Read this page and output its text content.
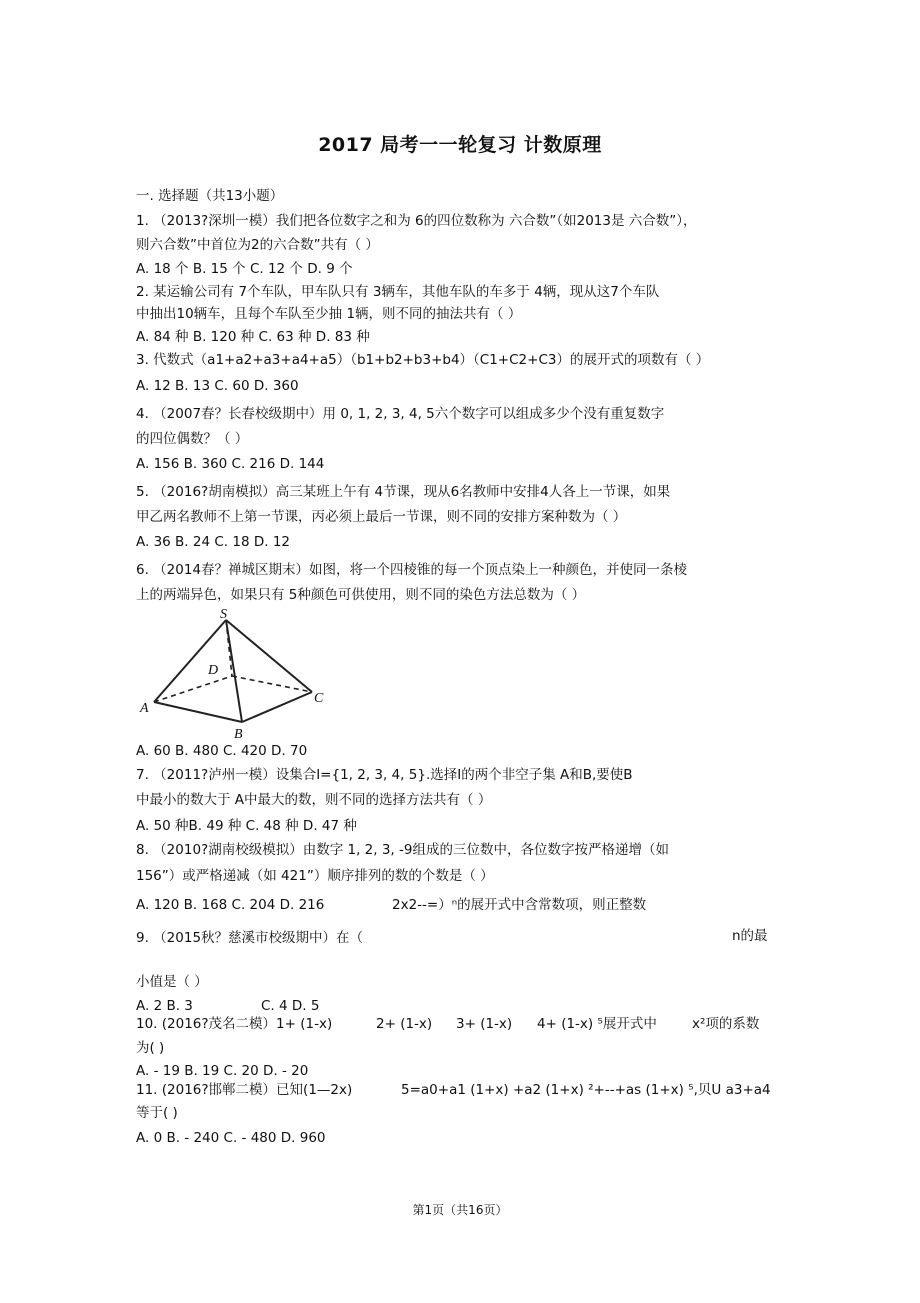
2017 局考一一轮复习 计数原理
一. 选择题（共13小题）
1. （2013?深圳一模）我们把各位数字之和为 6的四位数称为 六合数”（如2013是 六合数”），
则六合数”中首位为2的六合数”共有（ ）
A. 18 个 B. 15 个 C. 12 个 D. 9 个
2. 某运输公司有 7个车队，甲车队只有 3辆车，其他车队的车多于 4辆，现从这7个车队
中抽出10辆车，且每个车队至少抽 1辆，则不同的抽法共有（ ）
A. 84 种 B. 120 种 C. 63 种 D. 83 种
3. 代数式（a1+a2+a3+a4+a5）（b1+b2+b3+b4）（C1+C2+C3）的展开式的项数有（ ）
A. 12 B. 13 C. 60 D. 360
4. （2007春？长春校级期中）用 0, 1, 2, 3, 4, 5六个数字可以组成多少个没有重复数字
的四位偶数？（ ）
A. 156 B. 360 C. 216 D. 144
5. （2016?胡南模拟）高三某班上午有 4节课，现从6名教师中安排4人各上一节课，如果
甲乙两名教师不上第一节课，丙必须上最后一节课，则不同的安排方案种数为（ ）
A. 36 B. 24 C. 18 D. 12
6. （2014春？禅城区期末）如图，将一个四棱锥的每一个顶点染上一种颜色，并使同一条棱
上的两端异色，如果只有 5种颜色可供使用，则不同的染色方法总数为（ ）
S
D
A
C
B
A. 60 B. 480 C. 420 D. 70
7. （2011?泸州一模）设集合I={1, 2, 3, 4, 5}.选择I的两个非空子集 A和B,要使B
中最小的数大于 A中最大的数，则不同的选择方法共有（ ）
A. 50 种B. 49 种 C. 48 种 D. 47 种
8. （2010?湖南校级模拟）由数字 1, 2, 3, -9组成的三位数中，各位数字按严格递增（如
156”）或严格递减（如 421”）顺序排列的数的个数是（ ）
A. 120 B. 168 C. 204 D. 216	2x2--=）ⁿ的展开式中含常数项，则正整数
9. （2015秋？慈溪市校级期中）在（	n的最
小值是（ ）
A. 2 B. 3	C. 4 D. 5
10. (2016?茂名二模）1+ (1-x)	2+ (1-x) 3+ (1-x) 4+ (1-x) ⁵展开式中	x²项的系数
为( )
A. - 19 B. 19 C. 20 D. - 20
11. (2016?邯郸二模）已知(1—2x)	5=a0+a1 (1+x) +a2 (1+x) ²+--+as (1+x) ⁵,贝U a3+a4
等于( )
A. 0 B. - 240 C. - 480 D. 960
第1页（共16页）
